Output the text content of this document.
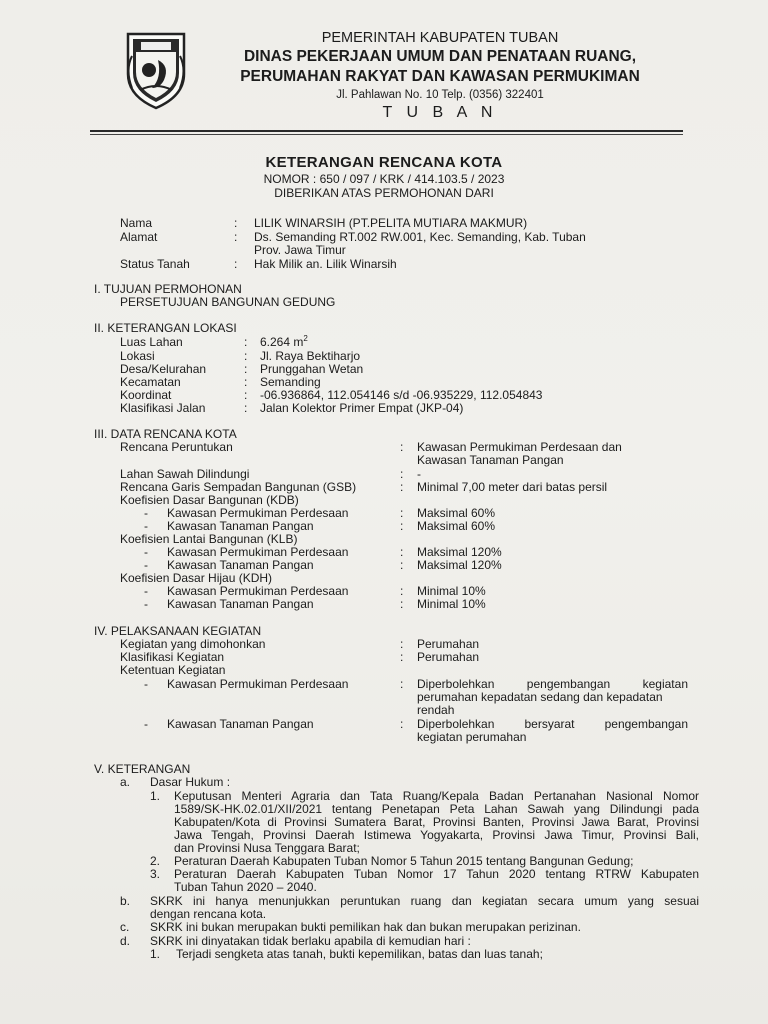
PEMERINTAH KABUPATEN TUBAN
DINAS PEKERJAAN UMUM DAN PENATAAN RUANG,
PERUMAHAN RAKYAT DAN KAWASAN PERMUKIMAN
Jl. Pahlawan No. 10 Telp. (0356) 322401
T U B A N
KETERANGAN RENCANA KOTA
NOMOR : 650 / 097 / KRK / 414.103.5 / 2023
DIBERIKAN ATAS PERMOHONAN DARI
Nama	: LILIK WINARSIH (PT.PELITA MUTIARA MAKMUR)
Alamat	: Ds. Semanding RT.002 RW.001, Kec. Semanding, Kab. Tuban
Prov. Jawa Timur
Status Tanah	: Hak Milik an. Lilik Winarsih
I. TUJUAN PERMOHONAN
PERSETUJUAN BANGUNAN GEDUNG
II. KETERANGAN LOKASI
Luas Lahan	: 6.264 $m^2$
Lokasi	: Jl. Raya Bektiharjo
Desa/Kelurahan	: Prunggahan Wetan
Kecamatan	: Semanding
Koordinat	: -06.936864, 112.054146 s/d -06.935229, 112.054843
Klasifikasi Jalan	: Jalan Kolektor Primer Empat (JKP-04)
III. DATA RENCANA KOTA
Rencana Peruntukan	: Kawasan Permukiman Perdesaan dan
Kawasan Tanaman Pangan
Lahan Sawah Dilindungi	: -
Rencana Garis Sempadan Bangunan (GSB)	: Minimal 7,00 meter dari batas persil
Koefisien Dasar Bangunan (KDB)
- Kawasan Permukiman Perdesaan	: Maksimal 60%
- Kawasan Tanaman Pangan	: Maksimal 60%
Koefisien Lantai Bangunan (KLB)
- Kawasan Permukiman Perdesaan	: Maksimal 120%
- Kawasan Tanaman Pangan	: Maksimal 120%
Koefisien Dasar Hijau (KDH)
- Kawasan Permukiman Perdesaan	: Minimal 10%
- Kawasan Tanaman Pangan	: Minimal 10%
IV. PELAKSANAAN KEGIATAN
Kegiatan yang dimohonkan	: Perumahan
Klasifikasi Kegiatan	: Perumahan
Ketentuan Kegiatan
- Kawasan Permukiman Perdesaan	: Diperbolehkan pengembangan kegiatan
perumahan kepadatan sedang dan kepadatan
rendah
- Kawasan Tanaman Pangan	: Diperbolehkan bersyarat pengembangan
kegiatan perumahan
V. KETERANGAN
a. Dasar Hukum :
1. Keputusan Menteri Agraria dan Tata Ruang/Kepala Badan Pertanahan Nasional Nomor
1589/SK-HK.02.01/XII/2021 tentang Penetapan Peta Lahan Sawah yang Dilindungi pada
Kabupaten/Kota di Provinsi Sumatera Barat, Provinsi Banten, Provinsi Jawa Barat, Provinsi
Jawa Tengah, Provinsi Daerah Istimewa Yogyakarta, Provinsi Jawa Timur, Provinsi Bali,
dan Provinsi Nusa Tenggara Barat;
2. Peraturan Daerah Kabupaten Tuban Nomor 5 Tahun 2015 tentang Bangunan Gedung;
3. Peraturan Daerah Kabupaten Tuban Nomor 17 Tahun 2020 tentang RTRW Kabupaten
Tuban Tahun 2020 – 2040.
b. SKRK ini hanya menunjukkan peruntukan ruang dan kegiatan secara umum yang sesuai
dengan rencana kota.
c. SKRK ini bukan merupakan bukti pemilikan hak dan bukan merupakan perizinan.
d. SKRK ini dinyatakan tidak berlaku apabila di kemudian hari :
1. Terjadi sengketa atas tanah, bukti kepemilikan, batas dan luas tanah;
